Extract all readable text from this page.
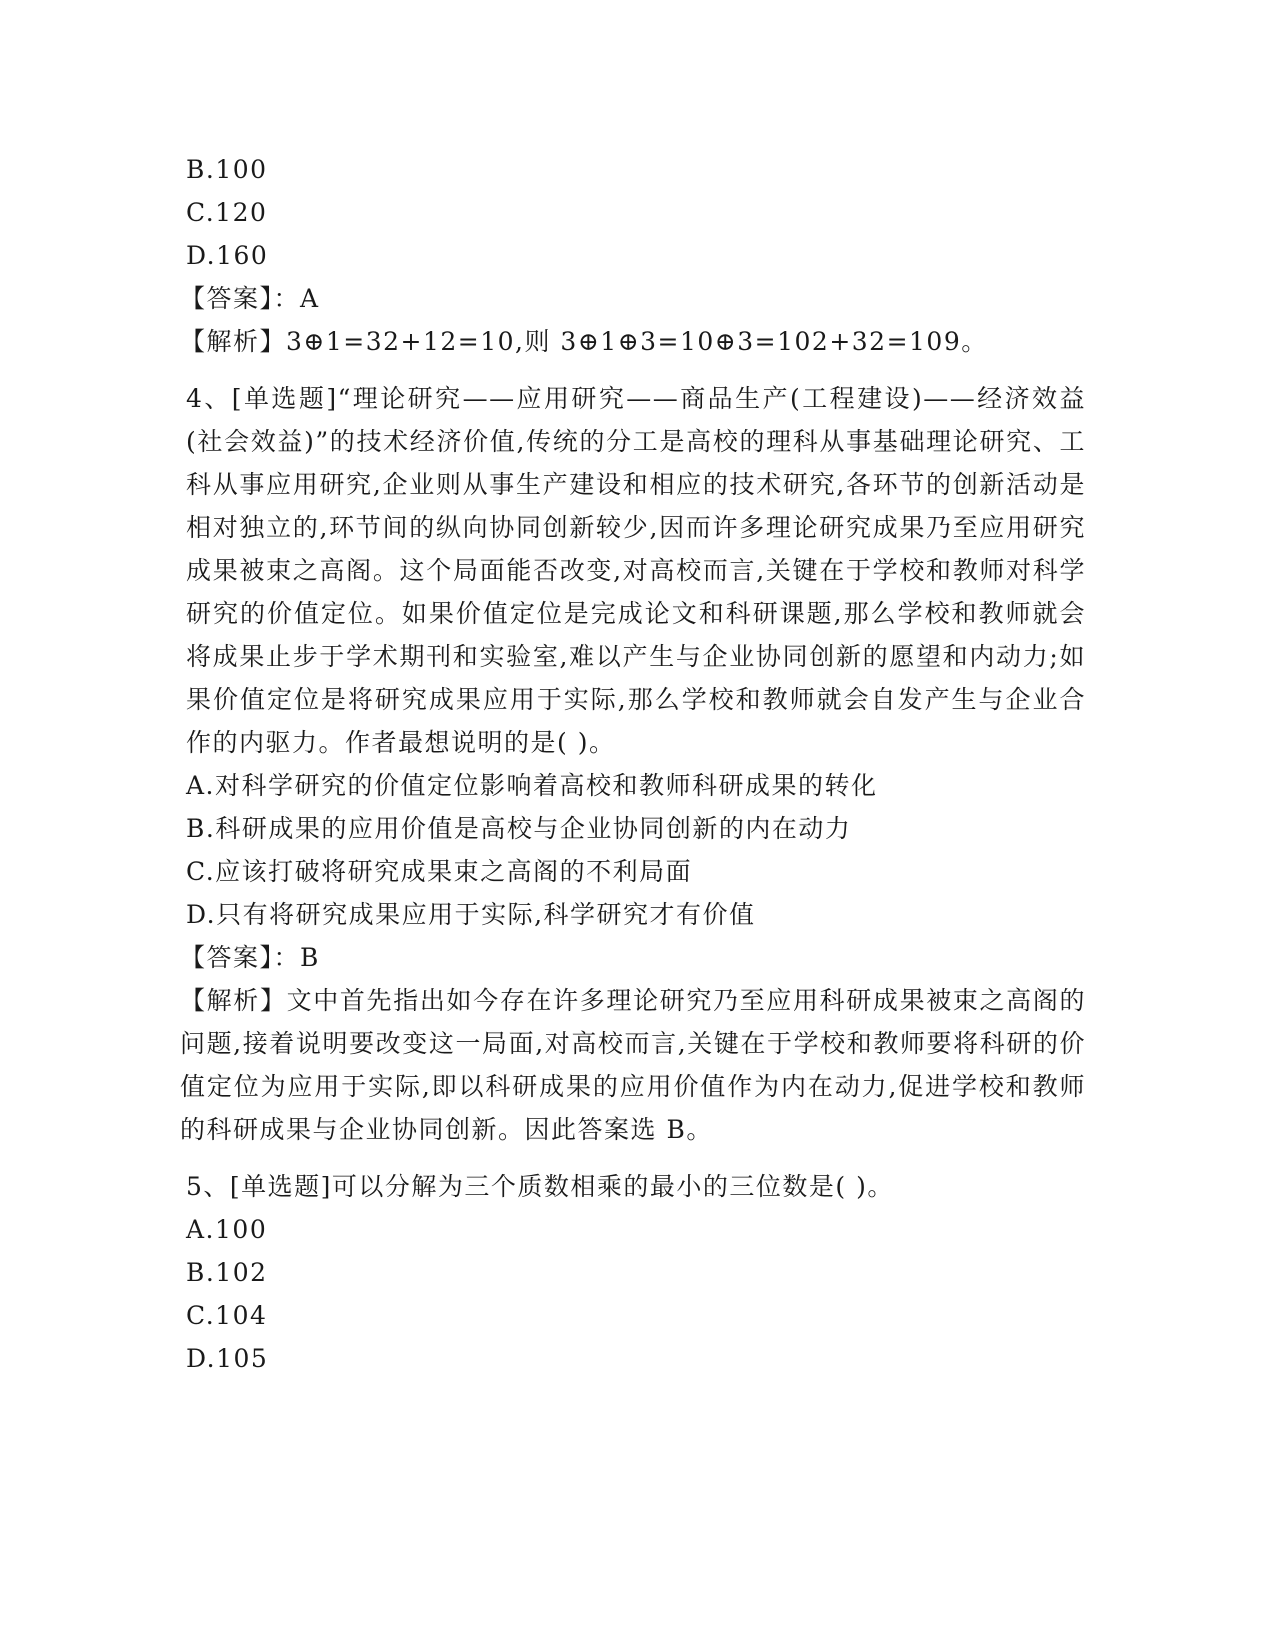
B.100

C.120

D.160

【答案】：A

【解析】3⊕1=32+12=10,则 3⊕1⊕3=10⊕3=102+32=109。

4、[单选题]“理论研究——应用研究——商品生产(工程建设)——经济效益(社会效益)”的技术经济价值,传统的分工是高校的理科从事基础理论研究、工科从事应用研究,企业则从事生产建设和相应的技术研究,各环节的创新活动是相对独立的,环节间的纵向协同创新较少,因而许多理论研究成果乃至应用研究成果被束之高阁。这个局面能否改变,对高校而言,关键在于学校和教师对科学研究的价值定位。如果价值定位是完成论文和科研课题,那么学校和教师就会将成果止步于学术期刊和实验室,难以产生与企业协同创新的愿望和内动力;如果价值定位是将研究成果应用于实际,那么学校和教师就会自发产生与企业合作的内驱力。作者最想说明的是( )。

A.对科学研究的价值定位影响着高校和教师科研成果的转化

B.科研成果的应用价值是高校与企业协同创新的内在动力

C.应该打破将研究成果束之高阁的不利局面

D.只有将研究成果应用于实际,科学研究才有价值

【答案】：B

【解析】文中首先指出如今存在许多理论研究乃至应用科研成果被束之高阁的问题,接着说明要改变这一局面,对高校而言,关键在于学校和教师要将科研的价值定位为应用于实际,即以科研成果的应用价值作为内在动力,促进学校和教师的科研成果与企业协同创新。因此答案选 B。

5、[单选题]可以分解为三个质数相乘的最小的三位数是( )。

A.100

B.102

C.104

D.105
